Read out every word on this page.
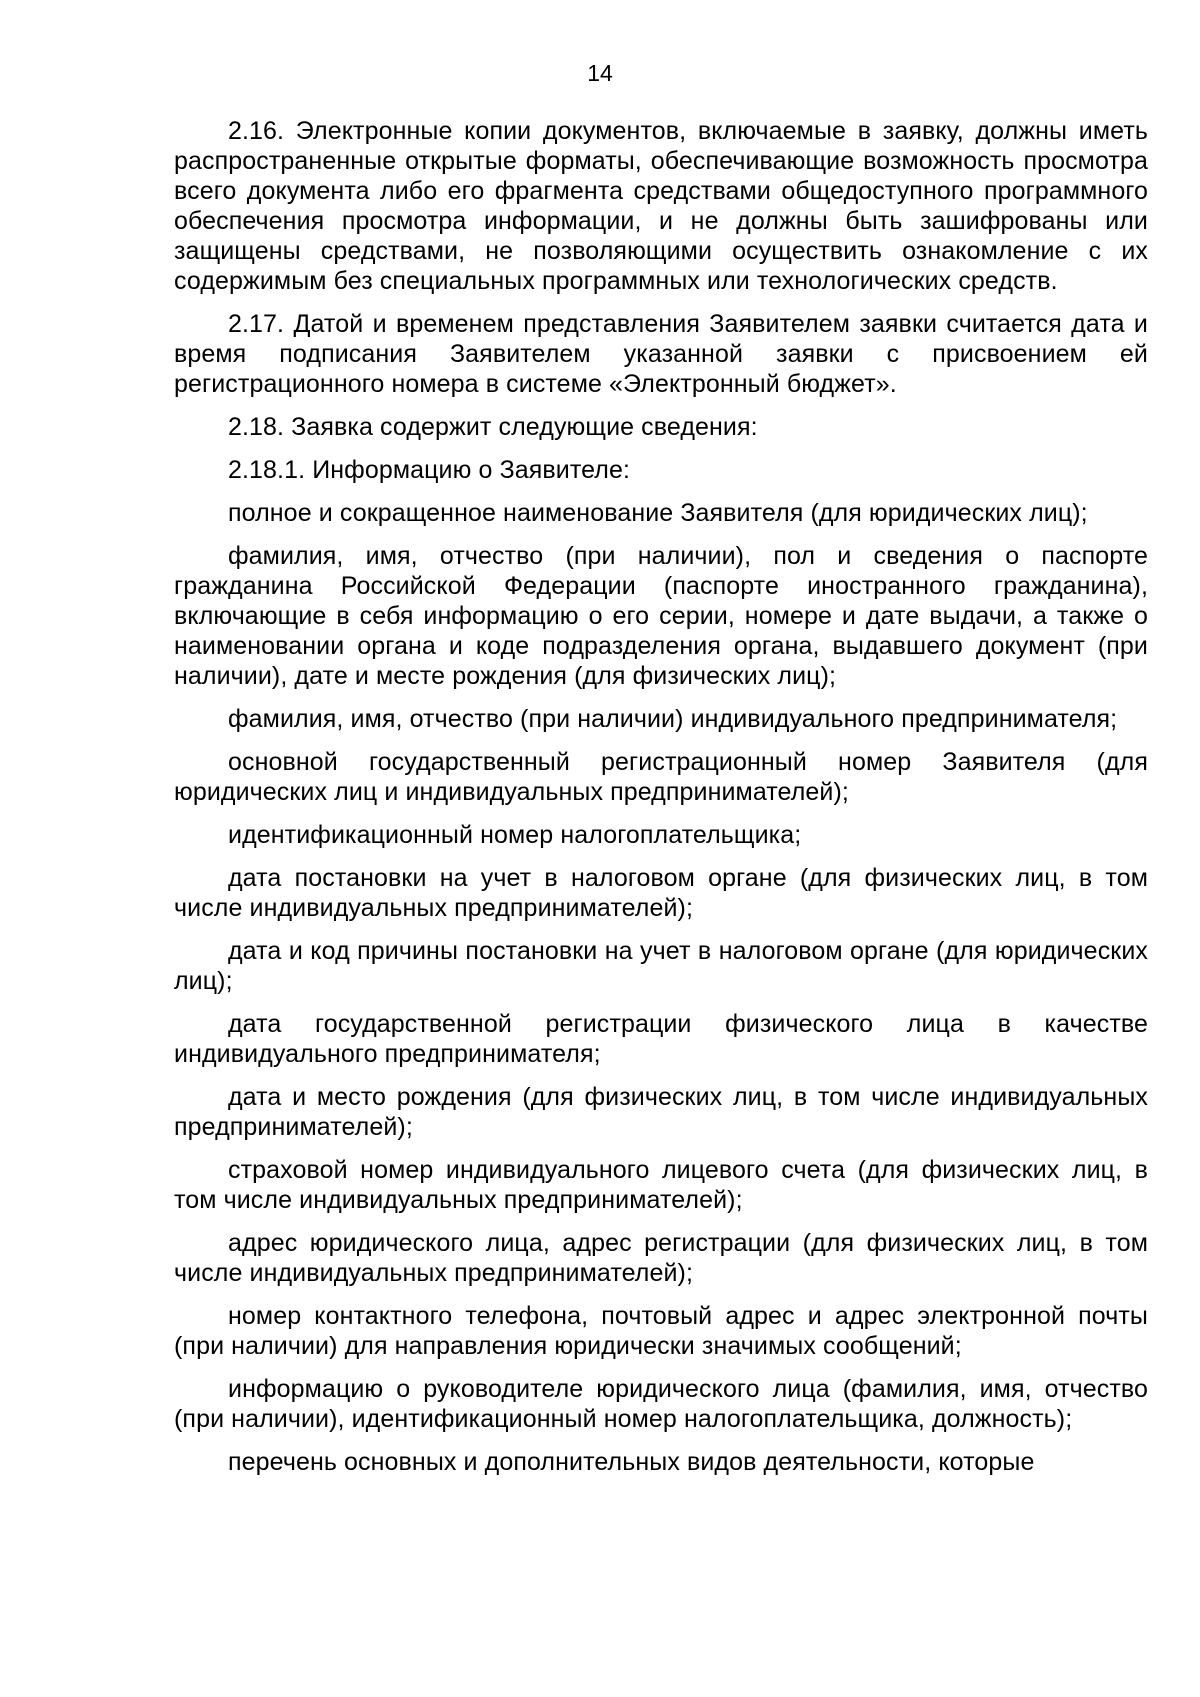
14

2.16. Электронные копии документов, включаемые в заявку, должны иметь распространенные открытые форматы, обеспечивающие возможность просмотра всего документа либо его фрагмента средствами общедоступного программного обеспечения просмотра информации, и не должны быть зашифрованы или защищены средствами, не позволяющими осуществить ознакомление с их содержимым без специальных программных или технологических средств.

2.17. Датой и временем представления Заявителем заявки считается дата и время подписания Заявителем указанной заявки с присвоением ей регистрационного номера в системе «Электронный бюджет».

2.18. Заявка содержит следующие сведения:

2.18.1. Информацию о Заявителе:

полное и сокращенное наименование Заявителя (для юридических лиц);

фамилия, имя, отчество (при наличии), пол и сведения о паспорте гражданина Российской Федерации (паспорте иностранного гражданина), включающие в себя информацию о его серии, номере и дате выдачи, а также о наименовании органа и коде подразделения органа, выдавшего документ (при наличии), дате и месте рождения (для физических лиц);

фамилия, имя, отчество (при наличии) индивидуального предпринимателя;

основной государственный регистрационный номер Заявителя (для юридических лиц и индивидуальных предпринимателей);

идентификационный номер налогоплательщика;

дата постановки на учет в налоговом органе (для физических лиц, в том числе индивидуальных предпринимателей);

дата и код причины постановки на учет в налоговом органе (для юридических лиц);

дата государственной регистрации физического лица в качестве индивидуального предпринимателя;

дата и место рождения (для физических лиц, в том числе индивидуальных предпринимателей);

страховой номер индивидуального лицевого счета (для физических лиц, в том числе индивидуальных предпринимателей);

адрес юридического лица, адрес регистрации (для физических лиц, в том числе индивидуальных предпринимателей);

номер контактного телефона, почтовый адрес и адрес электронной почты (при наличии) для направления юридически значимых сообщений;

информацию о руководителе юридического лица (фамилия, имя, отчество (при наличии), идентификационный номер налогоплательщика, должность);

перечень основных и дополнительных видов деятельности, которые
